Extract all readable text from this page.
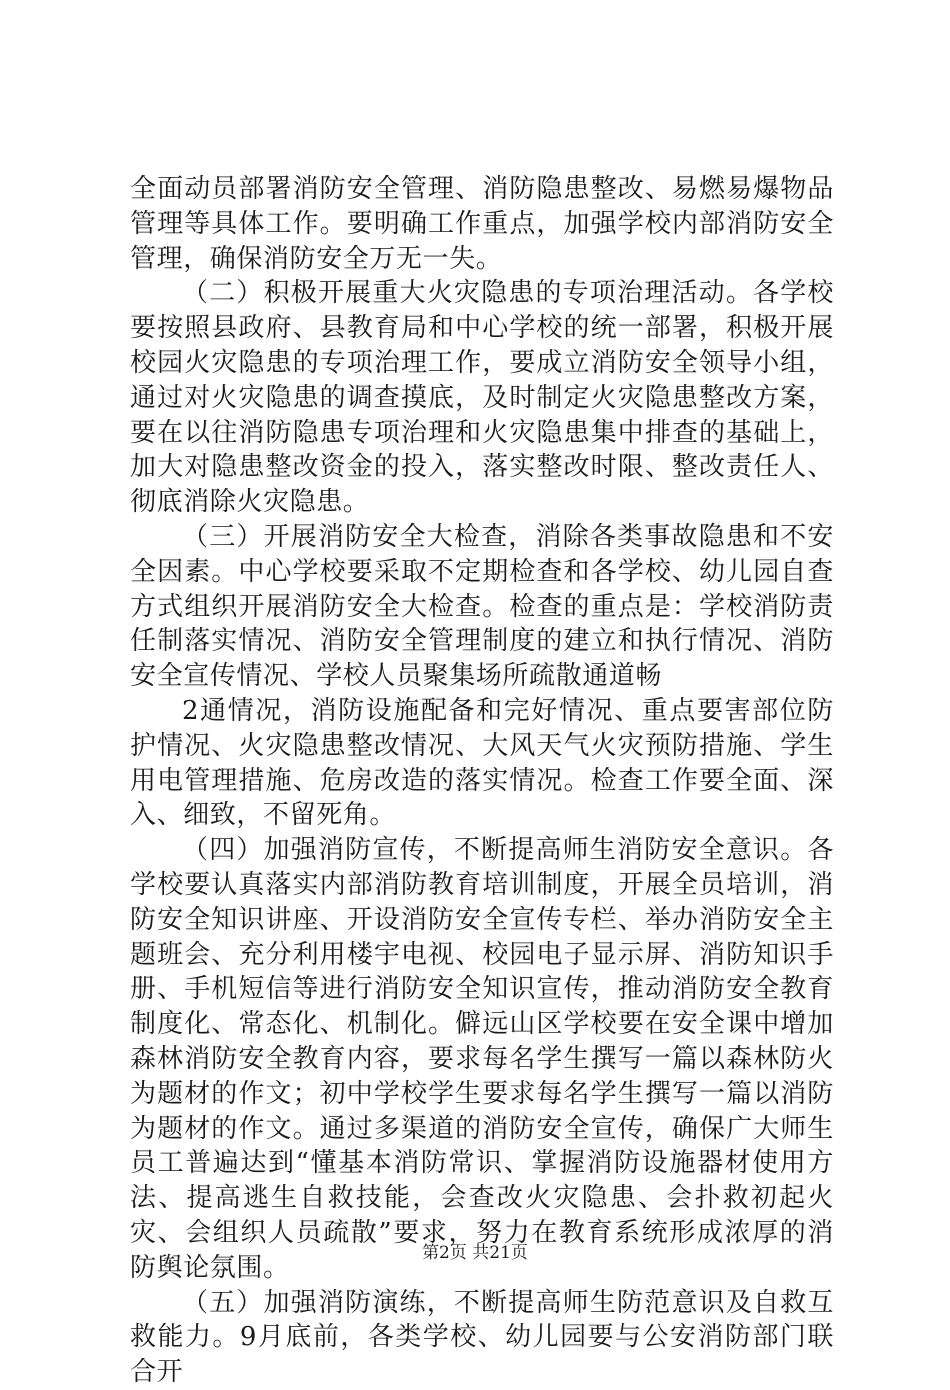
全面动员部署消防安全管理、消防隐患整改、易燃易爆物品管理等具体工作。要明确工作重点，加强学校内部消防安全管理，确保消防安全万无一失。

（二）积极开展重大火灾隐患的专项治理活动。各学校要按照县政府、县教育局和中心学校的统一部署，积极开展校园火灾隐患的专项治理工作，要成立消防安全领导小组，通过对火灾隐患的调查摸底，及时制定火灾隐患整改方案，要在以往消防隐患专项治理和火灾隐患集中排查的基础上，加大对隐患整改资金的投入，落实整改时限、整改责任人、彻底消除火灾隐患。

（三）开展消防安全大检查，消除各类事故隐患和不安全因素。中心学校要采取不定期检查和各学校、幼儿园自查方式组织开展消防安全大检查。检查的重点是：学校消防责任制落实情况、消防安全管理制度的建立和执行情况、消防安全宣传情况、学校人员聚集场所疏散通道畅

2通情况，消防设施配备和完好情况、重点要害部位防护情况、火灾隐患整改情况、大风天气火灾预防措施、学生用电管理措施、危房改造的落实情况。检查工作要全面、深入、细致，不留死角。

（四）加强消防宣传，不断提高师生消防安全意识。各学校要认真落实内部消防教育培训制度，开展全员培训，消防安全知识讲座、开设消防安全宣传专栏、举办消防安全主题班会、充分利用楼宇电视、校园电子显示屏、消防知识手册、手机短信等进行消防安全知识宣传，推动消防安全教育制度化、常态化、机制化。僻远山区学校要在安全课中增加森林消防安全教育内容，要求每名学生撰写一篇以森林防火为题材的作文；初中学校学生要求每名学生撰写一篇以消防为题材的作文。通过多渠道的消防安全宣传，确保广大师生员工普遍达到“懂基本消防常识、掌握消防设施器材使用方法、提高逃生自救技能，会查改火灾隐患、会扑救初起火灾、会组织人员疏散”要求，努力在教育系统形成浓厚的消防舆论氛围。

（五）加强消防演练，不断提高师生防范意识及自救互救能力。9月底前，各类学校、幼儿园要与公安消防部门联合开

第2页 共21页
